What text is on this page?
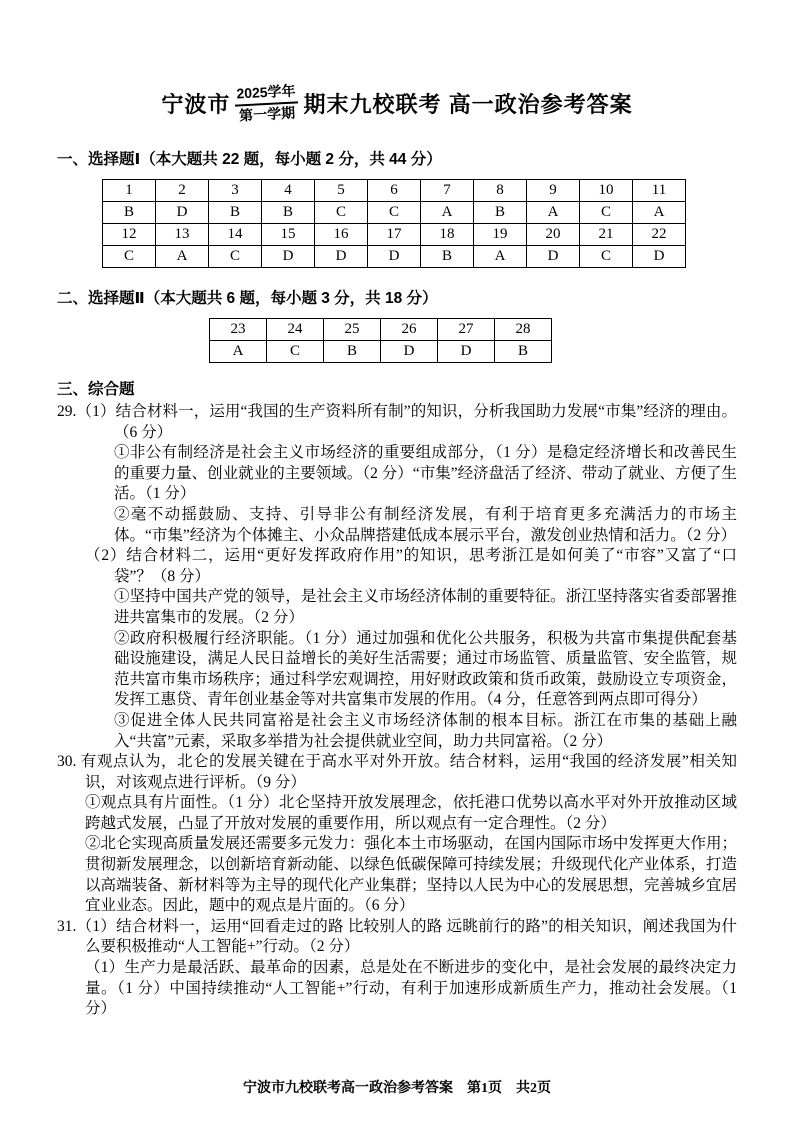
宁波市 2025学年
第一学期 期末九校联考 高一政治参考答案
一、选择题Ⅰ（本大题共 22 题，每小题 2 分，共 44 分）
1	2	3	4	5	6	7	8	9	10	11
B	D	B	B	C	C	A	B	A	C	A
12	13	14	15	16	17	18	19	20	21	22
C	A	C	D	D	D	B	A	D	C	D
二、选择题Ⅱ（本大题共 6 题，每小题 3 分，共 18 分）
23	24	25	26	27	28
A	C	B	D	D	B
三、综合题
29.（1）结合材料一，运用“我国的生产资料所有制”的知识，分析我国助力发展“市集”经济的理由。（6 分）
①非公有制经济是社会主义市场经济的重要组成部分，（1 分）是稳定经济增长和改善民生的重要力量、创业就业的主要领域。（2 分）“市集”经济盘活了经济、带动了就业、方便了生活。（1 分）
②毫不动摇鼓励、支持、引导非公有制经济发展，有利于培育更多充满活力的市场主体。“市集”经济为个体摊主、小众品牌搭建低成本展示平台，激发创业热情和活力。（2 分）
（2）结合材料二，运用“更好发挥政府作用”的知识，思考浙江是如何美了“市容”又富了“口袋”？（8 分）
①坚持中国共产党的领导，是社会主义市场经济体制的重要特征。浙江坚持落实省委部署推进共富集市的发展。（2 分）
②政府积极履行经济职能。（1 分）通过加强和优化公共服务，积极为共富市集提供配套基础设施建设，满足人民日益增长的美好生活需要；通过市场监管、质量监管、安全监管，规范共富市集市场秩序；通过科学宏观调控，用好财政政策和货币政策，鼓励设立专项资金，发挥工惠贷、青年创业基金等对共富集市发展的作用。（4 分，任意答到两点即可得分）
③促进全体人民共同富裕是社会主义市场经济体制的根本目标。浙江在市集的基础上融入“共富”元素，采取多举措为社会提供就业空间，助力共同富裕。（2 分）
30. 有观点认为，北仑的发展关键在于高水平对外开放。结合材料，运用“我国的经济发展”相关知识，对该观点进行评析。（9 分）
①观点具有片面性。（1 分）北仑坚持开放发展理念，依托港口优势以高水平对外开放推动区域跨越式发展，凸显了开放对发展的重要作用，所以观点有一定合理性。（2 分）
②北仑实现高质量发展还需要多元发力：强化本土市场驱动，在国内国际市场中发挥更大作用；贯彻新发展理念，以创新培育新动能、以绿色低碳保障可持续发展；升级现代化产业体系，打造以高端装备、新材料等为主导的现代化产业集群；坚持以人民为中心的发展思想，完善城乡宜居宜业业态。因此，题中的观点是片面的。（6 分）
31.（1）结合材料一，运用“回看走过的路 比较别人的路 远眺前行的路”的相关知识，阐述我国为什么要积极推动“人工智能+”行动。（2 分）
（1）生产力是最活跃、最革命的因素，总是处在不断进步的变化中，是社会发展的最终决定力量。（1 分）中国持续推动“人工智能+”行动，有利于加速形成新质生产力，推动社会发展。（1 分）
宁波市九校联考高一政治参考答案　第1页　共2页
